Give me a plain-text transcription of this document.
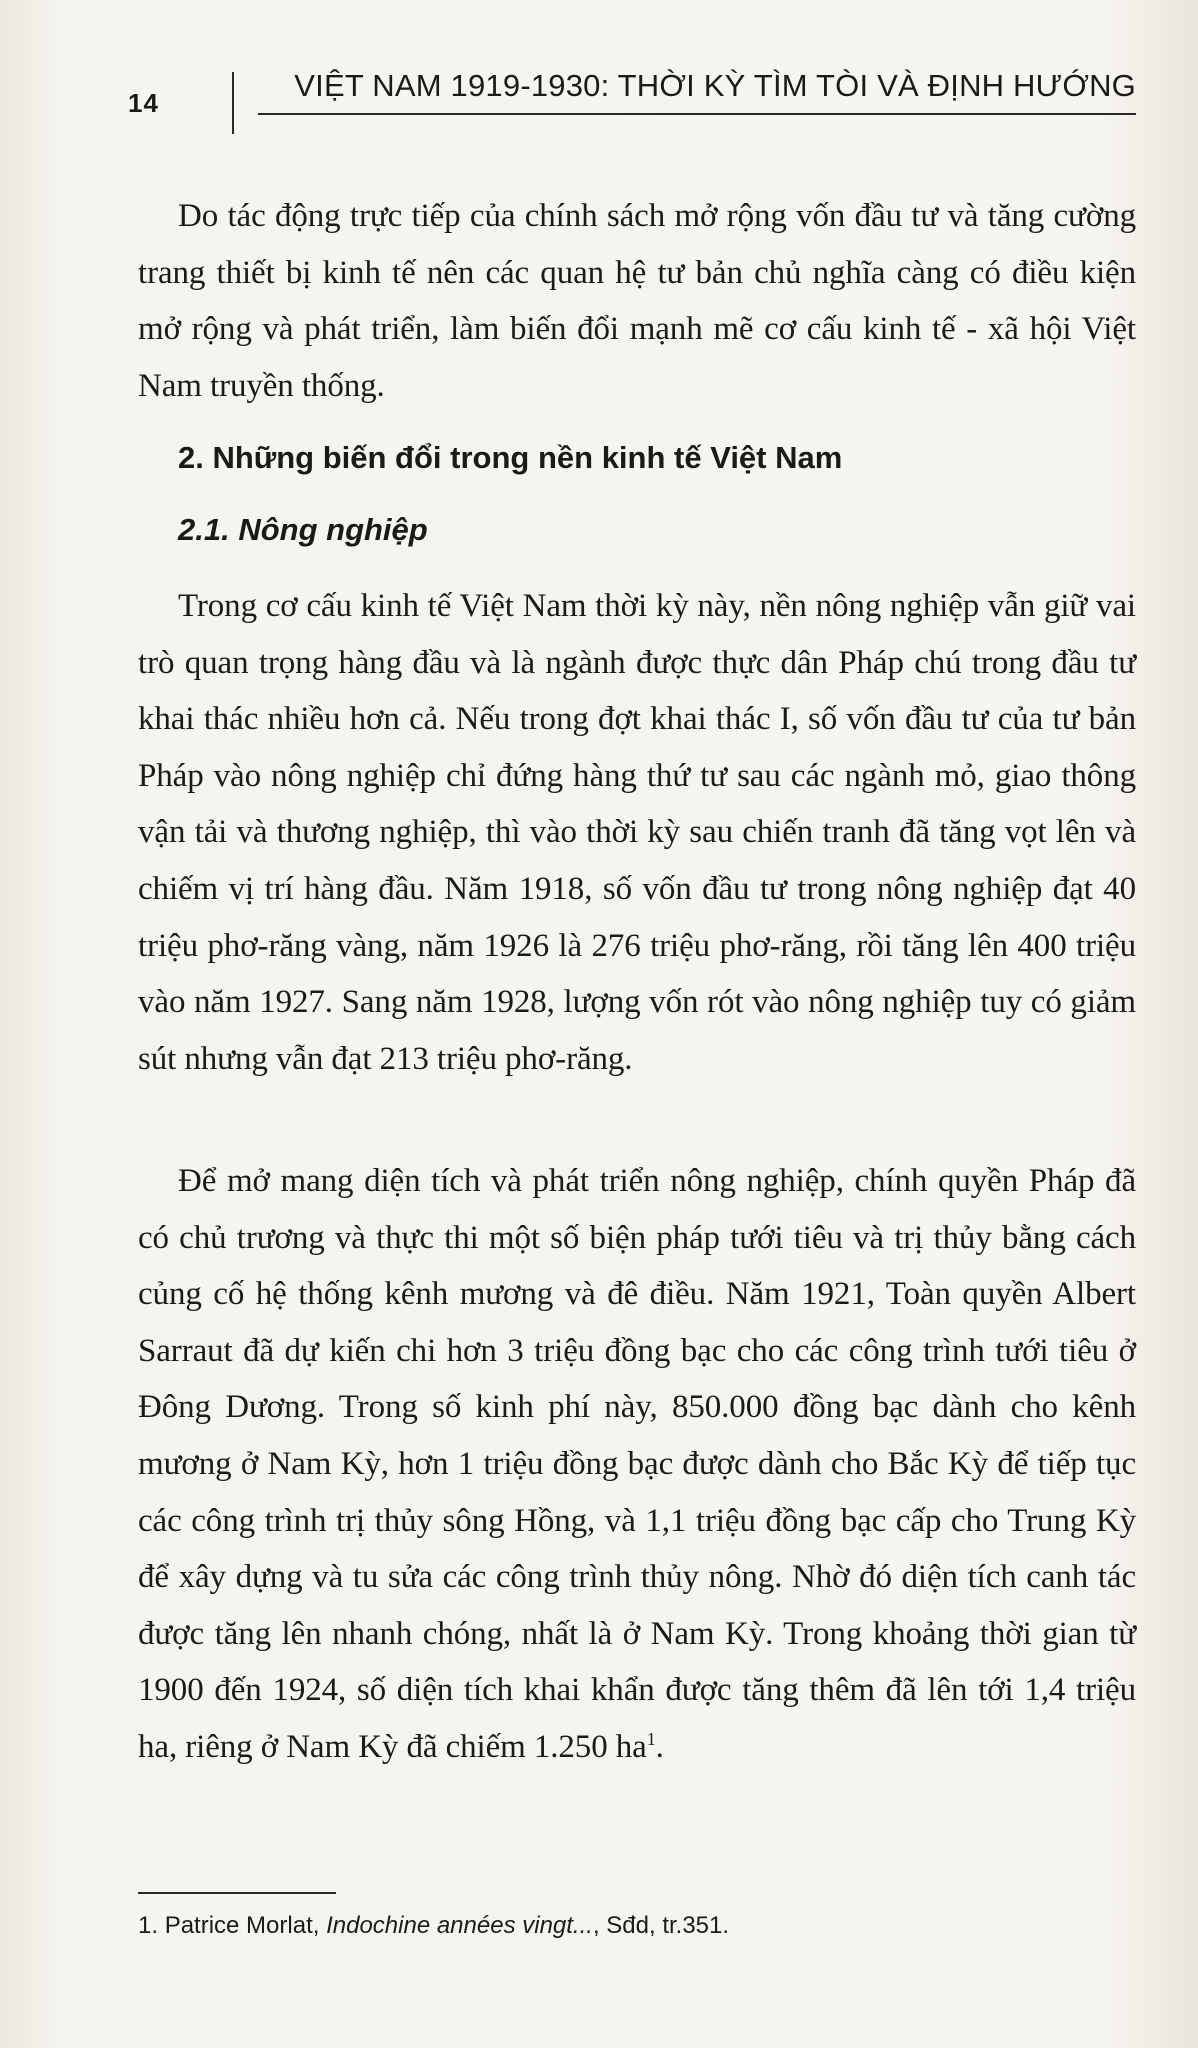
14	VIỆT NAM 1919-1930: THỜI KỲ TÌM TÒI VÀ ĐỊNH HƯỚNG

Do tác động trực tiếp của chính sách mở rộng vốn đầu tư và tăng cường trang thiết bị kinh tế nên các quan hệ tư bản chủ nghĩa càng có điều kiện mở rộng và phát triển, làm biến đổi mạnh mẽ cơ cấu kinh tế - xã hội Việt Nam truyền thống.

2. Những biến đổi trong nền kinh tế Việt Nam
2.1. Nông nghiệp

Trong cơ cấu kinh tế Việt Nam thời kỳ này, nền nông nghiệp vẫn giữ vai trò quan trọng hàng đầu và là ngành được thực dân Pháp chú trong đầu tư khai thác nhiều hơn cả. Nếu trong đợt khai thác I, số vốn đầu tư của tư bản Pháp vào nông nghiệp chỉ đứng hàng thứ tư sau các ngành mỏ, giao thông vận tải và thương nghiệp, thì vào thời kỳ sau chiến tranh đã tăng vọt lên và chiếm vị trí hàng đầu. Năm 1918, số vốn đầu tư trong nông nghiệp đạt 40 triệu phơ-răng vàng, năm 1926 là 276 triệu phơ-răng, rồi tăng lên 400 triệu vào năm 1927. Sang năm 1928, lượng vốn rót vào nông nghiệp tuy có giảm sút nhưng vẫn đạt 213 triệu phơ-răng.

Để mở mang diện tích và phát triển nông nghiệp, chính quyền Pháp đã có chủ trương và thực thi một số biện pháp tưới tiêu và trị thủy bằng cách củng cố hệ thống kênh mương và đê điều. Năm 1921, Toàn quyền Albert Sarraut đã dự kiến chi hơn 3 triệu đồng bạc cho các công trình tưới tiêu ở Đông Dương. Trong số kinh phí này, 850.000 đồng bạc dành cho kênh mương ở Nam Kỳ, hơn 1 triệu đồng bạc được dành cho Bắc Kỳ để tiếp tục các công trình trị thủy sông Hồng, và 1,1 triệu đồng bạc cấp cho Trung Kỳ để xây dựng và tu sửa các công trình thủy nông. Nhờ đó diện tích canh tác được tăng lên nhanh chóng, nhất là ở Nam Kỳ. Trong khoảng thời gian từ 1900 đến 1924, số diện tích khai khẩn được tăng thêm đã lên tới 1,4 triệu ha, riêng ở Nam Kỳ đã chiếm 1.250 $ha^1$.

1. Patrice Morlat, Indochine années vingt..., Sđd, tr.351.
